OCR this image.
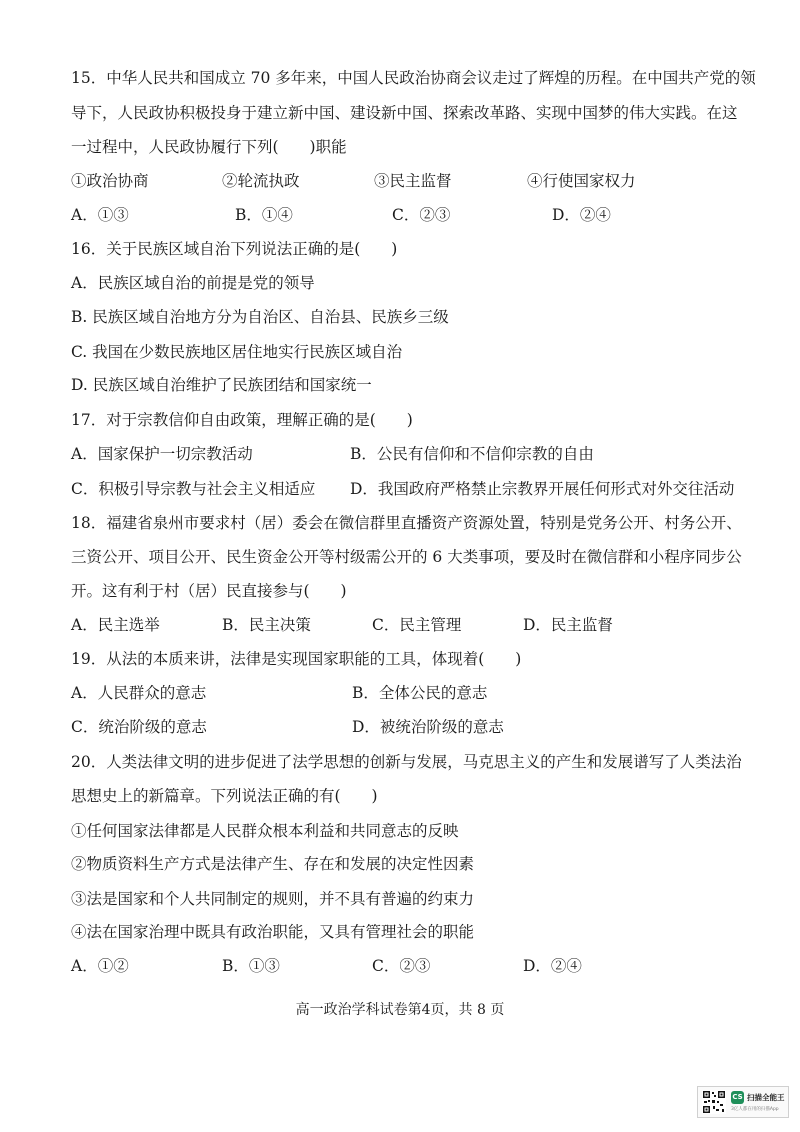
15．中华人民共和国成立 70 多年来，中国人民政治协商会议走过了辉煌的历程。在中国共产党的领
导下，人民政协积极投身于建立新中国、建设新中国、探索改革路、实现中国梦的伟大实践。在这
一过程中，人民政协履行下列(　　)职能
①政治协商	②轮流执政	③民主监督	④行使国家权力
A．①③	B．①④	C．②③	D．②④
16．关于民族区域自治下列说法正确的是(　　)
A．民族区域自治的前提是党的领导
B. 民族区域自治地方分为自治区、自治县、民族乡三级
C. 我国在少数民族地区居住地实行民族区域自治
D. 民族区域自治维护了民族团结和国家统一
17．对于宗教信仰自由政策，理解正确的是(　　)
A．国家保护一切宗教活动	B．公民有信仰和不信仰宗教的自由
C．积极引导宗教与社会主义相适应 D．我国政府严格禁止宗教界开展任何形式对外交往活动
18．福建省泉州市要求村（居）委会在微信群里直播资产资源处置，特别是党务公开、村务公开、
三资公开、项目公开、民生资金公开等村级需公开的 6 大类事项，要及时在微信群和小程序同步公
开。这有利于村（居）民直接参与(　　)
A．民主选举	B．民主决策	C．民主管理	D．民主监督
19．从法的本质来讲，法律是实现国家职能的工具，体现着(　　)
A．人民群众的意志	B．全体公民的意志
C．统治阶级的意志	D．被统治阶级的意志
20．人类法律文明的进步促进了法学思想的创新与发展，马克思主义的产生和发展谱写了人类法治
思想史上的新篇章。下列说法正确的有(　　)
①任何国家法律都是人民群众根本利益和共同意志的反映
②物质资料生产方式是法律产生、存在和发展的决定性因素
③法是国家和个人共同制定的规则，并不具有普遍的约束力
④法在国家治理中既具有政治职能，又具有管理社会的职能
A．①②	B．①③	C．②③	D．②④
高一政治学科试卷第4页，共 8 页
CS 扫描全能王
3亿人都在用的扫描App
